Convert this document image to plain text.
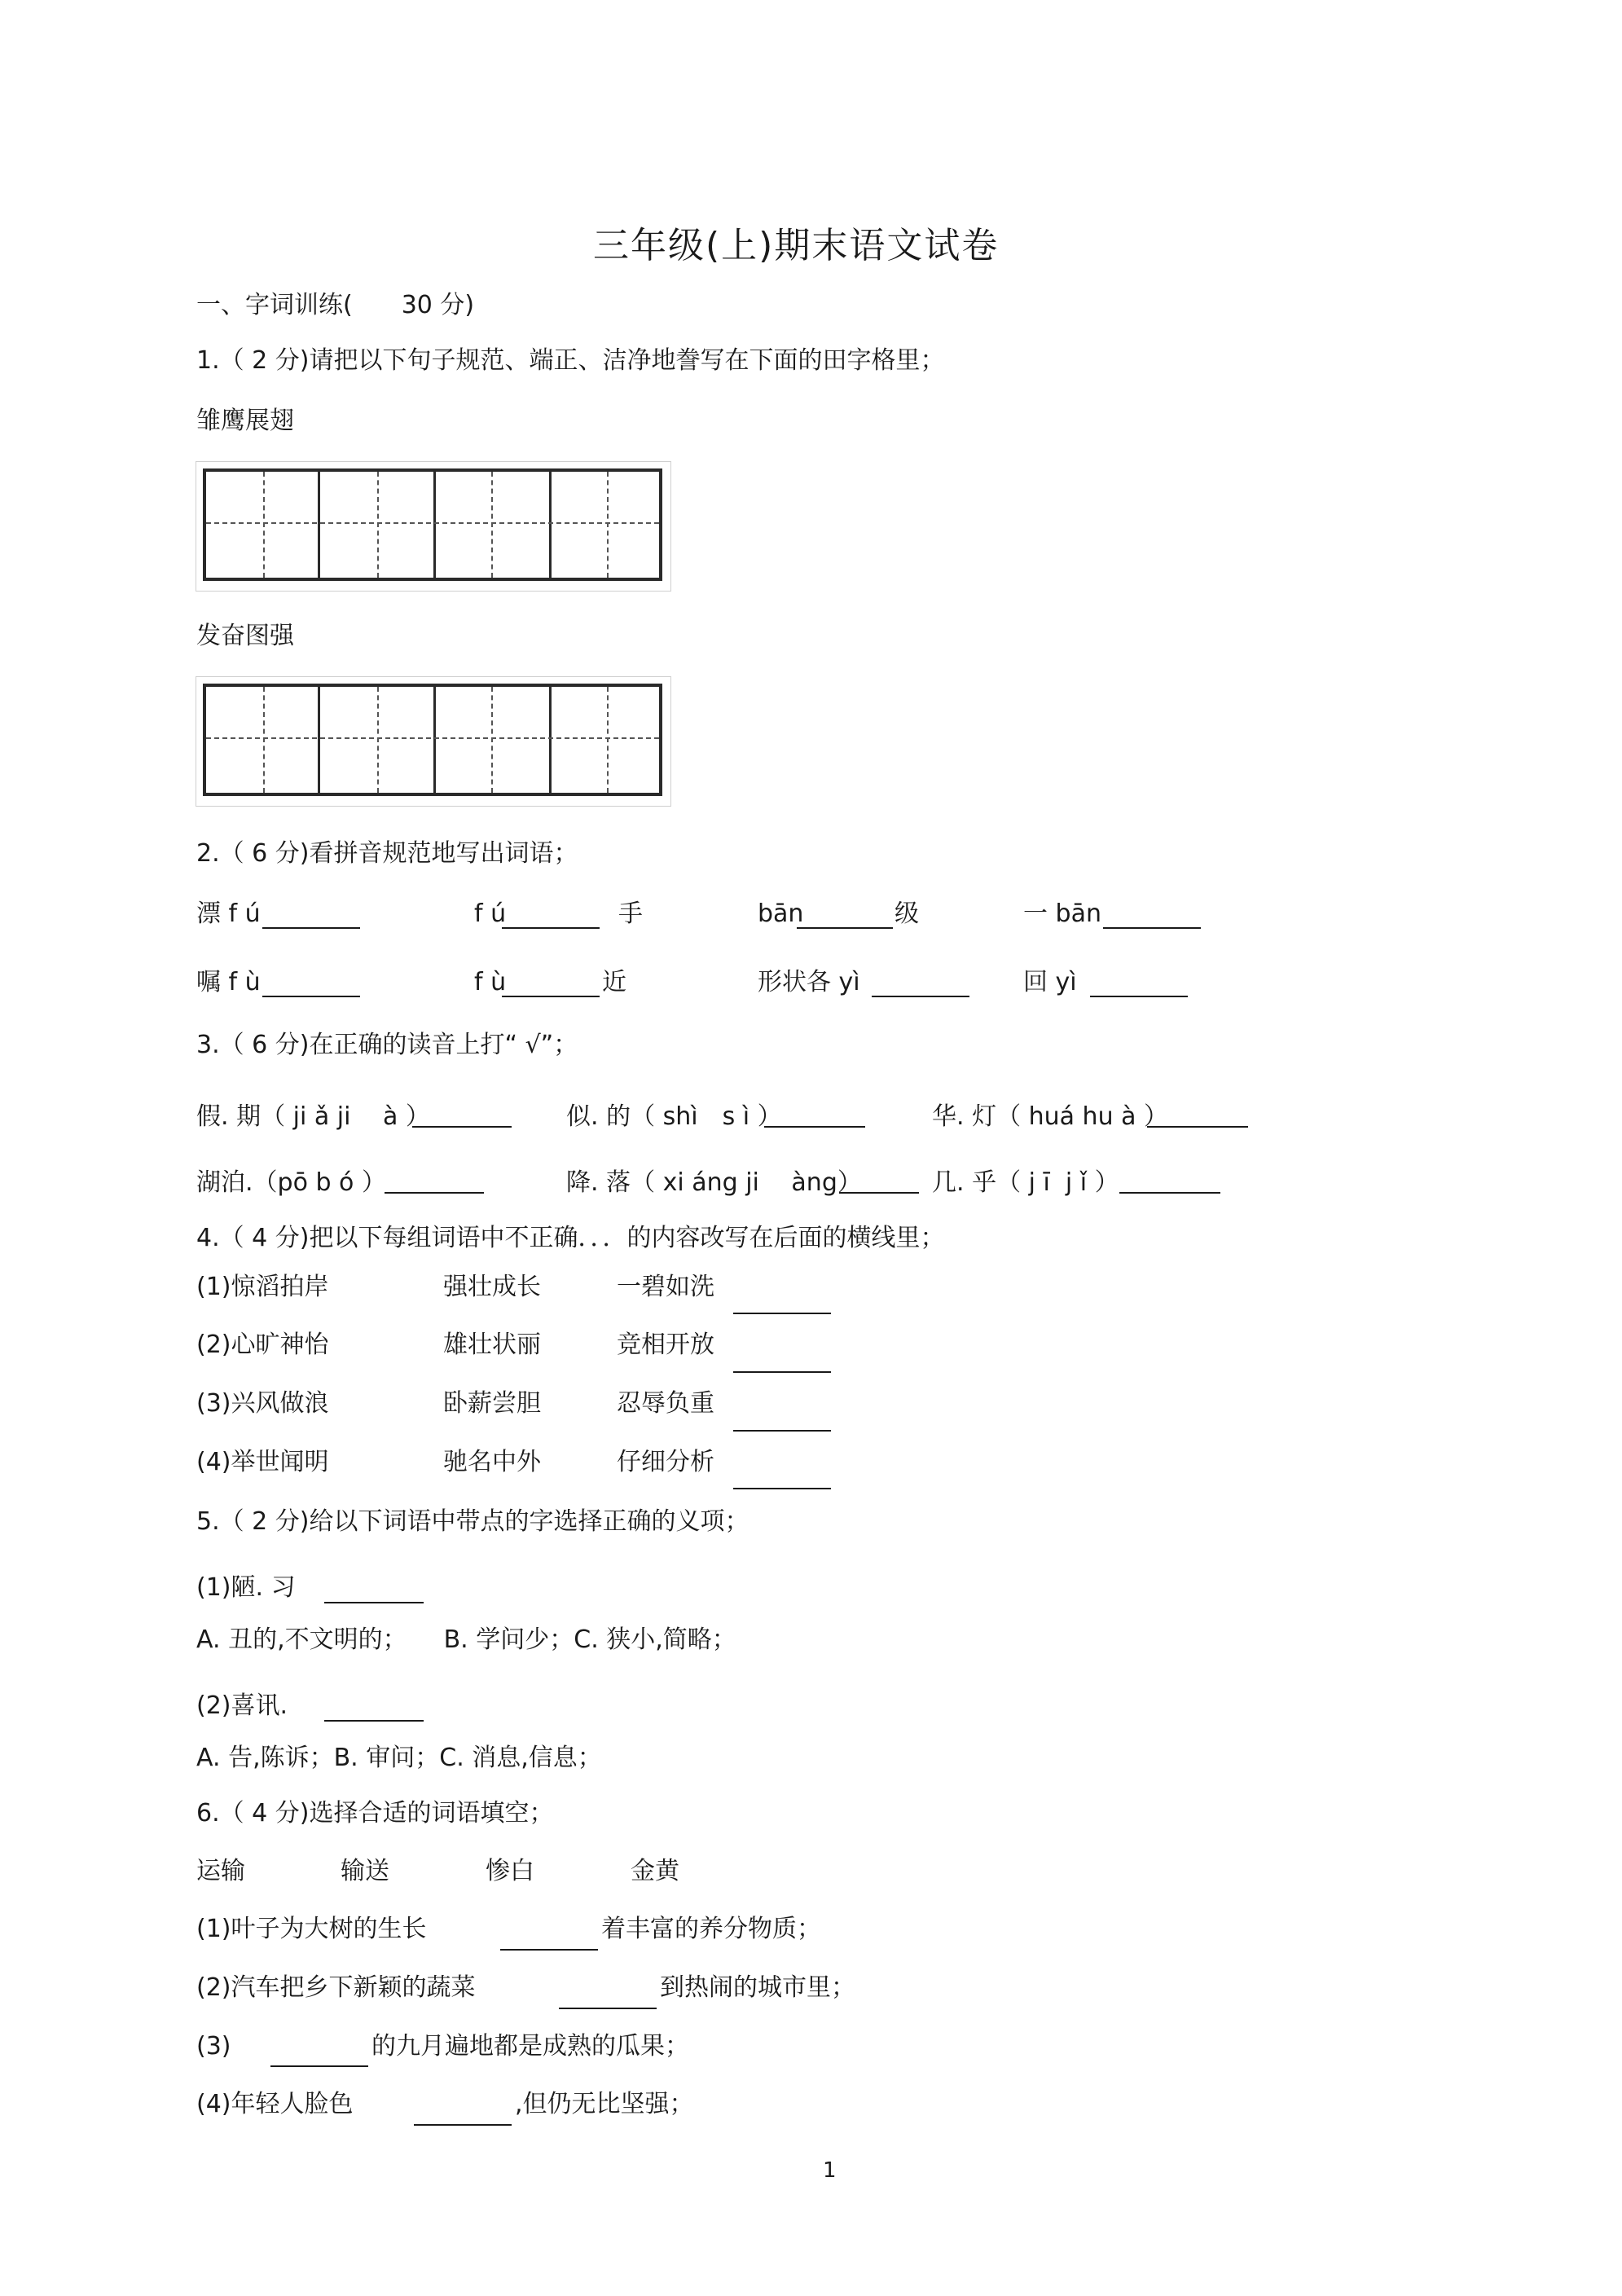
三年级(上)期末语文试卷
一、字词训练(　　30 分)
1.（ 2 分)请把以下句子规范、端正、洁净地誊写在下面的田字格里；
雏鹰展翅
发奋图强
2.（ 6 分)看拼音规范地写出词语；
漂 f ú	f ú	手	bān	级	一 bān
嘱 f ù	f ù	近	形状各 yì	回 yì
3.（ 6 分)在正确的读音上打“ √”；
假. 期（ ji ǎ ji　 à ）	似. 的（ shì　s ì ）	华. 灯（ huá hu à ）
湖泊.（pō b ó ）	降. 落（ xi áng ji　 àng）	几. 乎（ j ī  j ǐ ）
4.（ 4 分)把以下每组词语中不正确．．．的内容改写在后面的横线里；
(1)惊滔拍岸	强壮成长	一碧如洗
(2)心旷神怡	雄壮状丽	竞相开放
(3)兴风做浪	卧薪尝胆	忍辱负重
(4)举世闻明	驰名中外	仔细分析
5.（ 2 分)给以下词语中带点的字选择正确的义项；
(1)陋. 习
A. 丑的,不文明的；　　B. 学问少；C. 狭小,简略；
(2)喜讯.
A. 告,陈诉；B. 审问；C. 消息,信息；
6.（ 4 分)选择合适的词语填空；
运输	输送	惨白	金黄
(1)叶子为大树的生长	着丰富的养分物质；
(2)汽车把乡下新颖的蔬菜	到热闹的城市里；
(3)	的九月遍地都是成熟的瓜果；
(4)年轻人脸色	,但仍无比坚强；
1
